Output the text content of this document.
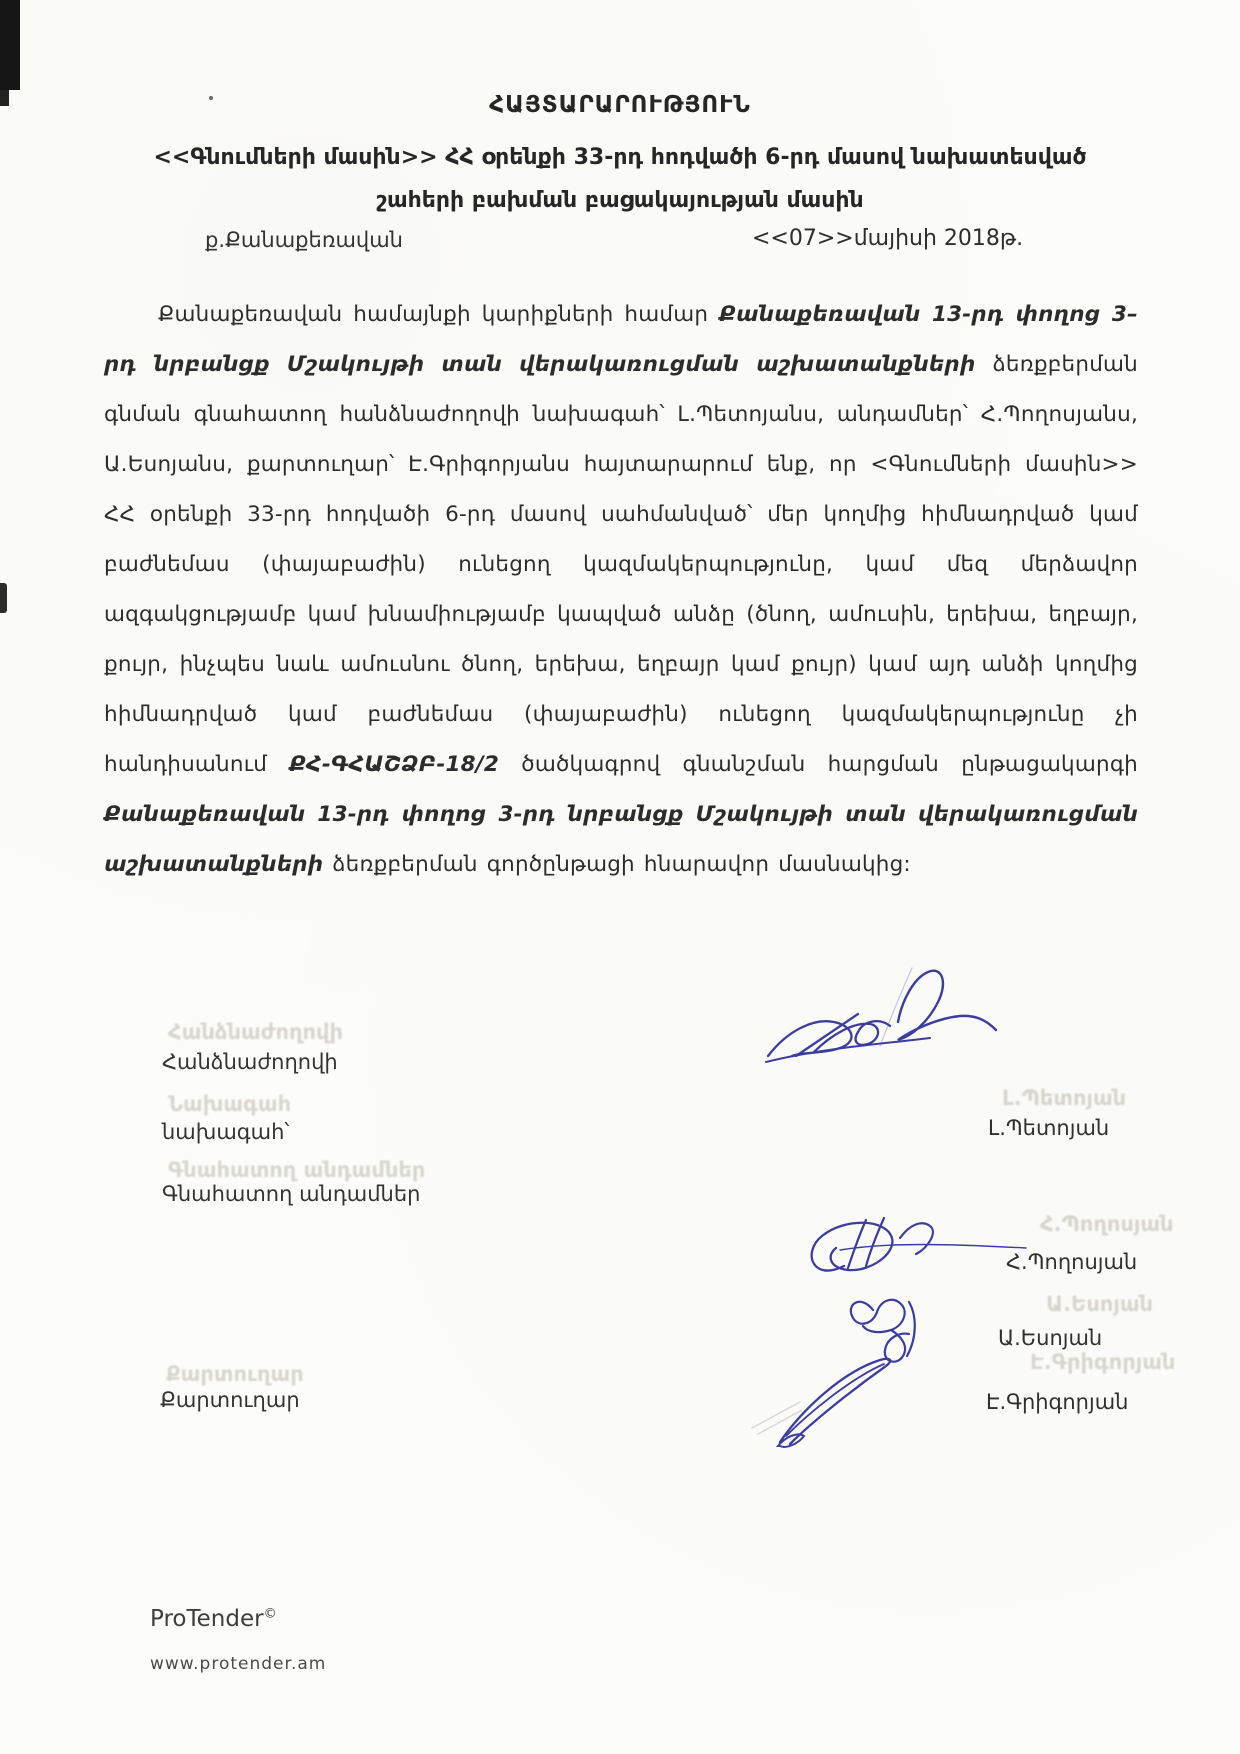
ՀԱՅՏԱՐԱՐՈՒԹՅՈՒՆ
<<Գնումների մասին>> ՀՀ օրենքի 33-րդ հոդվածի 6-րդ մասով նախատեսված
շահերի բախման բացակայության մասին
ք.Քանաքեռավան	<<07>>մայիսի 2018թ.
Քանաքեռավան համայնքի կարիքների համար Քանաքեռավան 13-րդ փողոց 3–րդ նրբանցք Մշակույթի տան վերակառուցման աշխատանքների ձեռքբերման գնման գնահատող հանձնաժողովի նախագահ՝ Լ.Պետոյանս, անդամներ՝ Հ.Պողոսյանս, Ա.Եսոյանս, քարտուղար՝ Է.Գրիգորյանս հայտարարում ենք, որ <Գնումների մասին>> ՀՀ օրենքի 33-րդ հոդվածի 6-րդ մասով սահմանված՝ մեր կողմից հիմնադրված կամ բաժնեմաս (փայաբաժին) ունեցող կազմակերպությունը, կամ մեզ մերձավոր ազգակցությամբ կամ խնամիությամբ կապված անձը (ծնող, ամուսին, երեխա, եղբայր, քույր, ինչպես նաև ամուսնու ծնող, երեխա, եղբայր կամ քույր) կամ այդ անձի կողմից հիմնադրված կամ բաժնեմաս (փայաբաժին) ունեցող կազմակերպությունը չի հանդիսանում ՔՀ-ԳՀԱՇՁԲ-18/2 ծածկագրով գնանշման հարցման ընթացակարգի Քանաքեռավան 13-րդ փողոց 3-րդ նրբանցք Մշակույթի տան վերակառուցման աշխատանքների ձեռքբերման գործընթացի հնարավոր մասնակից:
Հանձնաժողովի
նախագահ՝
Գնահատող անդամներ
Քարտուղար
Հանձնաժողովի
Նախագահ
Գնահատող անդամներ
Քարտուղար
Լ.Պետոյան
Հ.Պողոսյան
Ա.Եսոյան
Է.Գրիգորյան
Լ.Պետոյան
Հ.Պողոսյան
Ա.Եսոյան
Է.Գրիգորյան
ProTender©
www.protender.am
